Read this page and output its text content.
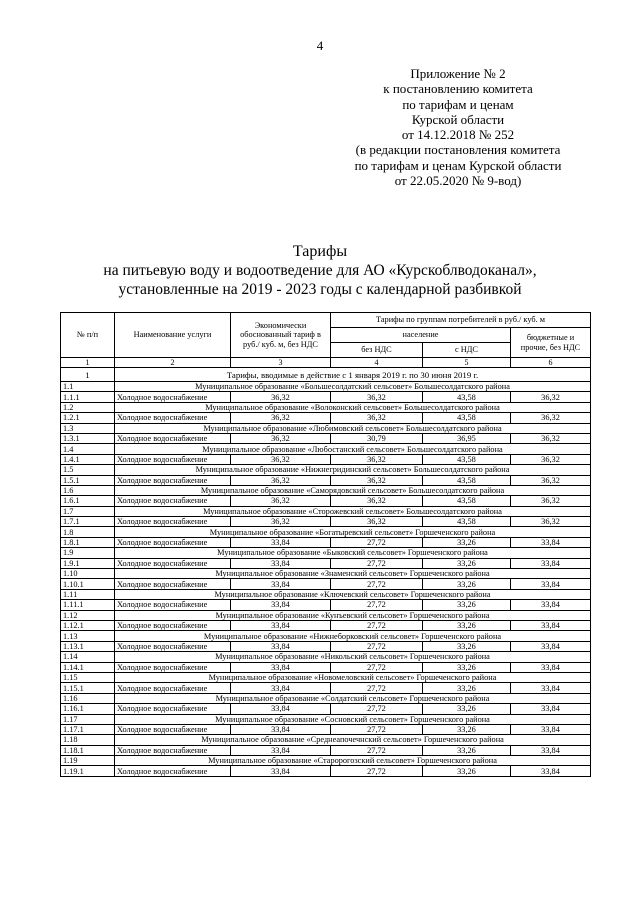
4
Приложение № 2
к постановлению комитета
по тарифам и ценам
Курской области
от 14.12.2018 № 252
(в редакции постановления комитета
по тарифам и ценам Курской области
от 22.05.2020 № 9-вод)
Тарифы
на питьевую воду и водоотведение для АО «Курскоблводоканал»,
установленные на 2019 - 2023 годы с календарной разбивкой
№ п/п	Наименование услуги	Экономически обоснованный тариф в руб./ куб. м, без НДС	Тарифы по группам потребителей в руб./ куб. м		
			население		бюджетные и прочие, без НДС
			без НДС	с НДС	
1	2	3	4	5	6
1	Тарифы, вводимые в действие с 1 января 2019 г. по 30 июня 2019 г.				
1.1	Муниципальное образование «Большесолдатский сельсовет» Большесолдатского района				
1.1.1	Холодное водоснабжение	36,32	36,32	43,58	36,32
1.2	Муниципальное образование «Волоконский сельсовет» Большесолдатского района				
1.2.1	Холодное водоснабжение	36,32	36,32	43,58	36,32
1.3	Муниципальное образование «Любимовский сельсовет» Большесолдатского района				
1.3.1	Холодное водоснабжение	36,32	30,79	36,95	36,32
1.4	Муниципальное образование «Любостанский сельсовет» Большесолдатского района				
1.4.1	Холодное водоснабжение	36,32	36,32	43,58	36,32
1.5	Муниципальное образование «Нижнегридинский сельсовет» Большесолдатского района				
1.5.1	Холодное водоснабжение	36,32	36,32	43,58	36,32
1.6	Муниципальное образование «Саморядовский сельсовет» Большесолдатского района				
1.6.1	Холодное водоснабжение	36,32	36,32	43,58	36,32
1.7	Муниципальное образование «Сторожевский сельсовет» Большесолдатского района				
1.7.1	Холодное водоснабжение	36,32	36,32	43,58	36,32
1.8	Муниципальное образование «Богатыревский сельсовет» Горшеченского района				
1.8.1	Холодное водоснабжение	33,84	27,72	33,26	33,84
1.9	Муниципальное образование «Быковский сельсовет» Горшеченского района				
1.9.1	Холодное водоснабжение	33,84	27,72	33,26	33,84
1.10	Муниципальное образование «Знаменский сельсовет» Горшеченского района				
1.10.1	Холодное водоснабжение	33,84	27,72	33,26	33,84
1.11	Муниципальное образование «Ключевский сельсовет» Горшеченского района				
1.11.1	Холодное водоснабжение	33,84	27,72	33,26	33,84
1.12	Муниципальное образование «Кунъевский сельсовет» Горшеченского района				
1.12.1	Холодное водоснабжение	33,84	27,72	33,26	33,84
1.13	Муниципальное образование «Нижнеборковский сельсовет» Горшеченского района				
1.13.1	Холодное водоснабжение	33,84	27,72	33,26	33,84
1.14	Муниципальное образование «Никольский сельсовет» Горшеченского района				
1.14.1	Холодное водоснабжение	33,84	27,72	33,26	33,84
1.15	Муниципальное образование «Новомеловский сельсовет» Горшеченского района				
1.15.1	Холодное водоснабжение	33,84	27,72	33,26	33,84
1.16	Муниципальное образование «Солдатский сельсовет» Горшеченского района				
1.16.1	Холодное водоснабжение	33,84	27,72	33,26	33,84
1.17	Муниципальное образование «Сосновский сельсовет» Горшеченского района				
1.17.1	Холодное водоснабжение	33,84	27,72	33,26	33,84
1.18	Муниципальное образование «Среднеапочечнский сельсовет» Горшеченского района				
1.18.1	Холодное водоснабжение	33,84	27,72	33,26	33,84
1.19	Муниципальное образование «Старорогозский сельсовет» Горшеченского района				
1.19.1	Холодное водоснабжение	33,84	27,72	33,26	33,84
